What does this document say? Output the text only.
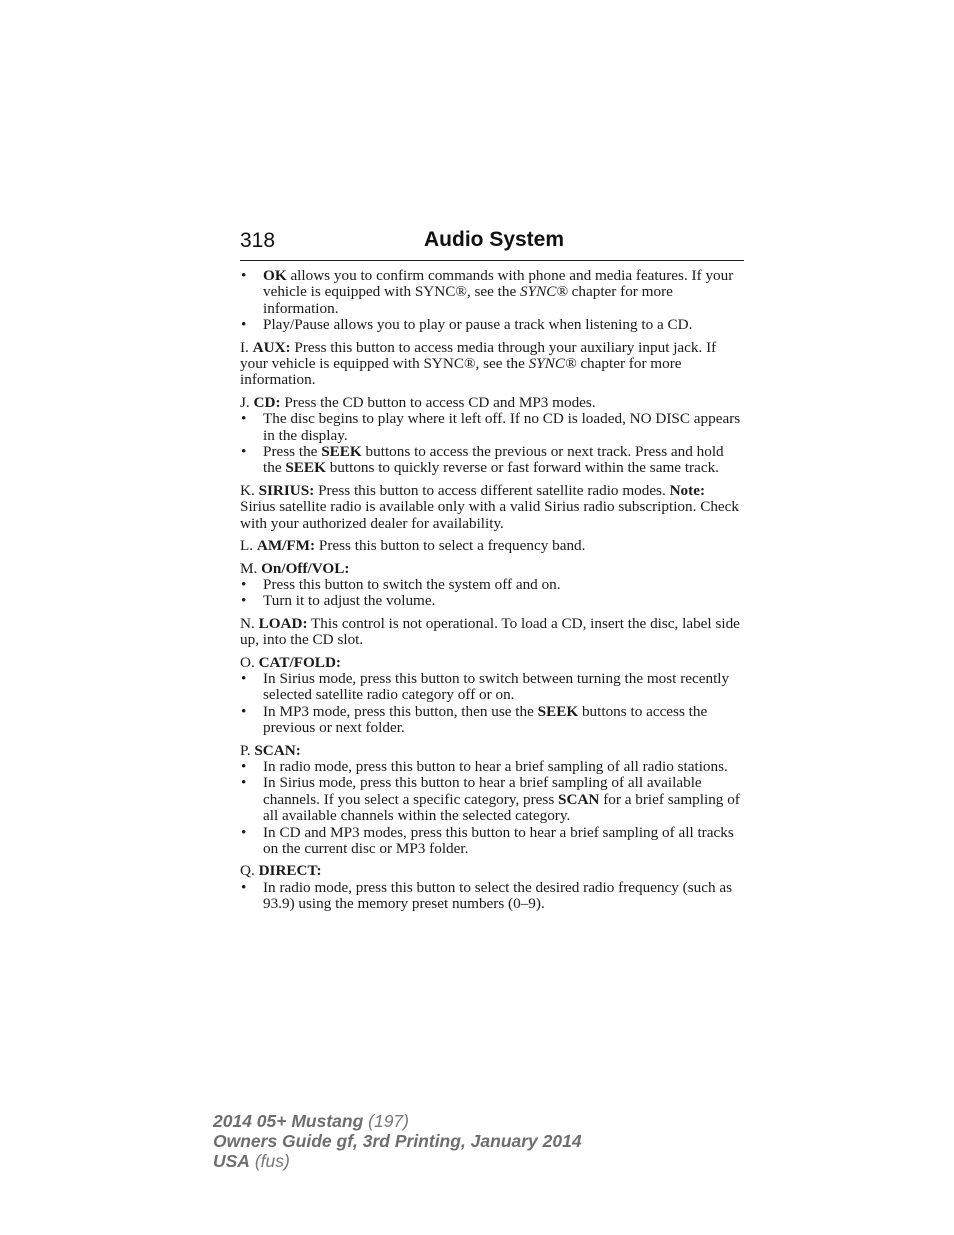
318	Audio System

• OK allows you to confirm commands with phone and media features. If your vehicle is equipped with SYNC®, see the SYNC® chapter for more information.

• Play/Pause allows you to play or pause a track when listening to a CD.

I. AUX: Press this button to access media through your auxiliary input jack. If your vehicle is equipped with SYNC®, see the SYNC® chapter for more information.

J. CD: Press the CD button to access CD and MP3 modes.

• The disc begins to play where it left off. If no CD is loaded, NO DISC appears in the display.

• Press the SEEK buttons to access the previous or next track. Press and hold the SEEK buttons to quickly reverse or fast forward within the same track.

K. SIRIUS: Press this button to access different satellite radio modes. Note: Sirius satellite radio is available only with a valid Sirius radio subscription. Check with your authorized dealer for availability.

L. AM/FM: Press this button to select a frequency band.

M. On/Off/VOL:

• Press this button to switch the system off and on.

• Turn it to adjust the volume.

N. LOAD: This control is not operational. To load a CD, insert the disc, label side up, into the CD slot.

O. CAT/FOLD:

• In Sirius mode, press this button to switch between turning the most recently selected satellite radio category off or on.

• In MP3 mode, press this button, then use the SEEK buttons to access the previous or next folder.

P. SCAN:

• In radio mode, press this button to hear a brief sampling of all radio stations.

• In Sirius mode, press this button to hear a brief sampling of all available channels. If you select a specific category, press SCAN for a brief sampling of all available channels within the selected category.

• In CD and MP3 modes, press this button to hear a brief sampling of all tracks on the current disc or MP3 folder.

Q. DIRECT:

• In radio mode, press this button to select the desired radio frequency (such as 93.9) using the memory preset numbers (0–9).

2014 05+ Mustang (197)
Owners Guide gf, 3rd Printing, January 2014
USA (fus)
